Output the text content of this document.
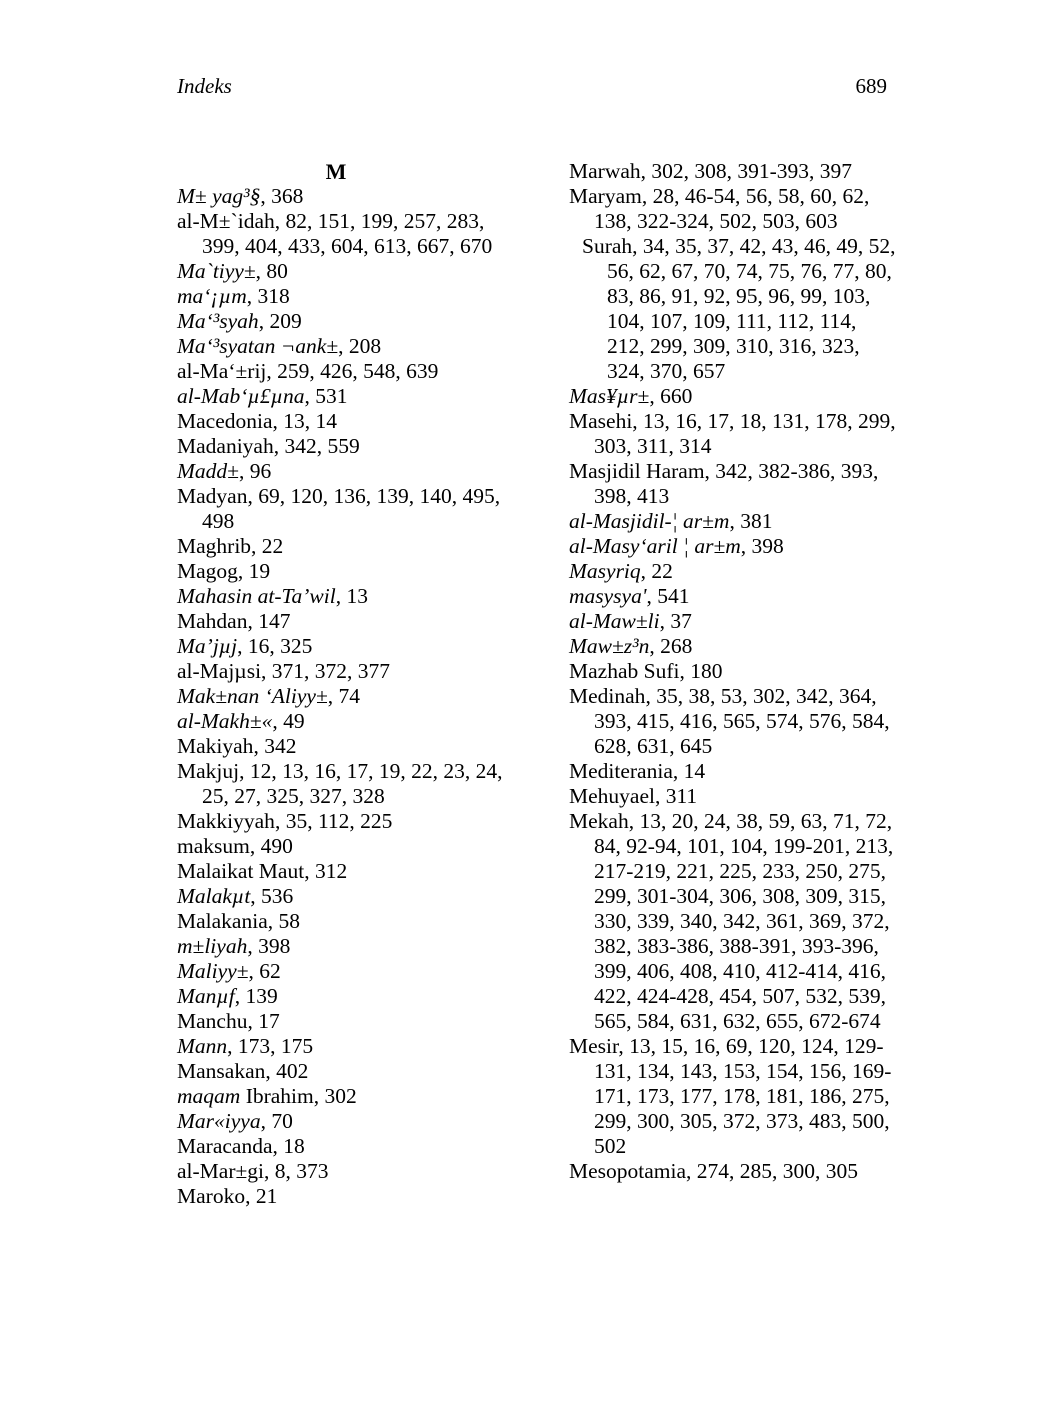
Indeks	689
M
M± yag³§, 368
al-M±`idah, 82, 151, 199, 257, 283, 399, 404, 433, 604, 613, 667, 670
Ma`tiyy±, 80
ma‘¡µm, 318
Ma‘³syah, 209
Ma‘³syatan ¬ank±, 208
al-Ma‘±rij, 259, 426, 548, 639
al-Mab‘µ£µna, 531
Macedonia, 13, 14
Madaniyah, 342, 559
Madd±, 96
Madyan, 69, 120, 136, 139, 140, 495, 498
Maghrib, 22
Magog, 19
Mahasin at-Ta’wil, 13
Mahdan, 147
Ma’jµj, 16, 325
al-Majµsi, 371, 372, 377
Mak±nan ‘Aliyy±, 74
al-Makh±«, 49
Makiyah, 342
Makjuj, 12, 13, 16, 17, 19, 22, 23, 24, 25, 27, 325, 327, 328
Makkiyyah, 35, 112, 225
maksum, 490
Malaikat Maut, 312
Malakµt, 536
Malakania, 58
m±liyah, 398
Maliyy±, 62
Manµf, 139
Manchu, 17
Mann, 173, 175
Mansakan, 402
maqam Ibrahim, 302
Mar«iyya, 70
Maracanda, 18
al-Mar±gi, 8, 373
Maroko, 21
Marwah, 302, 308, 391-393, 397
Maryam, 28, 46-54, 56, 58, 60, 62, 138, 322-324, 502, 503, 603
Surah, 34, 35, 37, 42, 43, 46, 49, 52, 56, 62, 67, 70, 74, 75, 76, 77, 80, 83, 86, 91, 92, 95, 96, 99, 103, 104, 107, 109, 111, 112, 114, 212, 299, 309, 310, 316, 323, 324, 370, 657
Mas¥µr±, 660
Masehi, 13, 16, 17, 18, 131, 178, 299, 303, 311, 314
Masjidil Haram, 342, 382-386, 393, 398, 413
al-Masjidil-¦ ar±m, 381
al-Masy‘aril ¦ ar±m, 398
Masyriq, 22
masysya', 541
al-Maw±li, 37
Maw±z³n, 268
Mazhab Sufi, 180
Medinah, 35, 38, 53, 302, 342, 364, 393, 415, 416, 565, 574, 576, 584, 628, 631, 645
Mediterania, 14
Mehuyael, 311
Mekah, 13, 20, 24, 38, 59, 63, 71, 72, 84, 92-94, 101, 104, 199-201, 213, 217-219, 221, 225, 233, 250, 275, 299, 301-304, 306, 308, 309, 315, 330, 339, 340, 342, 361, 369, 372, 382, 383-386, 388-391, 393-396, 399, 406, 408, 410, 412-414, 416, 422, 424-428, 454, 507, 532, 539, 565, 584, 631, 632, 655, 672-674
Mesir, 13, 15, 16, 69, 120, 124, 129-131, 134, 143, 153, 154, 156, 169-171, 173, 177, 178, 181, 186, 275, 299, 300, 305, 372, 373, 483, 500, 502
Mesopotamia, 274, 285, 300, 305
